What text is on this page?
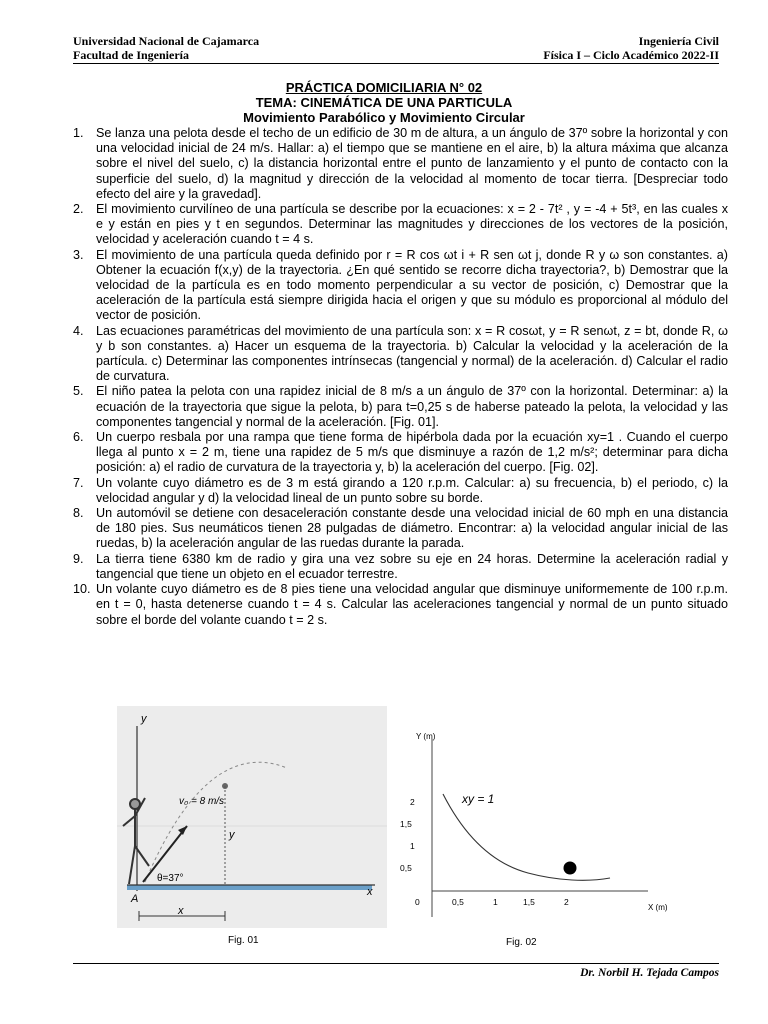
Universidad Nacional de Cajamarca
Facultad de Ingeniería
Ingeniería Civil
Física I – Ciclo Académico 2022-II
PRÁCTICA DOMICILIARIA N° 02
TEMA: CINEMÁTICA DE UNA PARTICULA
Movimiento Parabólico y Movimiento Circular
1. Se lanza una pelota desde el techo de un edificio de 30 m de altura, a un ángulo de 37º sobre la horizontal y con una velocidad inicial de 24 m/s. Hallar: a) el tiempo que se mantiene en el aire, b) la altura máxima que alcanza sobre el nivel del suelo, c) la distancia horizontal entre el punto de lanzamiento y el punto de contacto con la superficie del suelo, d) la magnitud y dirección de la velocidad al momento de tocar tierra. [Despreciar todo efecto del aire y la gravedad].
2. El movimiento curvilíneo de una partícula se describe por la ecuaciones: x = 2 - 7t² , y = -4 + 5t³, en las cuales x e y están en pies y t en segundos. Determinar las magnitudes y direcciones de los vectores de la posición, velocidad y aceleración cuando t = 4 s.
3. El movimiento de una partícula queda definido por r = R cos ωt i + R sen ωt j, donde R y ω son constantes. a) Obtener la ecuación f(x,y) de la trayectoria. ¿En qué sentido se recorre dicha trayectoria?, b) Demostrar que la velocidad de la partícula es en todo momento perpendicular a su vector de posición, c) Demostrar que la aceleración de la partícula está siempre dirigida hacia el origen y que su módulo es proporcional al módulo del vector de posición.
4. Las ecuaciones paramétricas del movimiento de una partícula son: x = R cosωt, y = R senωt, z = bt, donde R, ω y b son constantes. a) Hacer un esquema de la trayectoria. b) Calcular la velocidad y la aceleración de la partícula. c) Determinar las componentes intrínsecas (tangencial y normal) de la aceleración. d) Calcular el radio de curvatura.
5. El niño patea la pelota con una rapidez inicial de 8 m/s a un ángulo de 37º con la horizontal. Determinar: a) la ecuación de la trayectoria que sigue la pelota, b) para t=0,25 s de haberse pateado la pelota, la velocidad y las componentes tangencial y normal de la aceleración. [Fig. 01].
6. Un cuerpo resbala por una rampa que tiene forma de hipérbola dada por la ecuación xy=1 . Cuando el cuerpo llega al punto x = 2 m, tiene una rapidez de 5 m/s que disminuye a razón de 1,2 m/s²; determinar para dicha posición: a) el radio de curvatura de la trayectoria y, b) la aceleración del cuerpo. [Fig. 02].
7. Un volante cuyo diámetro es de 3 m está girando a 120 r.p.m. Calcular: a) su frecuencia, b) el periodo, c) la velocidad angular y d) la velocidad lineal de un punto sobre su borde.
8. Un automóvil se detiene con desaceleración constante desde una velocidad inicial de 60 mph en una distancia de 180 pies. Sus neumáticos tienen 28 pulgadas de diámetro. Encontrar: a) la velocidad angular inicial de las ruedas, b) la aceleración angular de las ruedas durante la parada.
9. La tierra tiene 6380 km de radio y gira una vez sobre su eje en 24 horas. Determine la aceleración radial y tangencial que tiene un objeto en el ecuador terrestre.
10. Un volante cuyo diámetro es de 8 pies tiene una velocidad angular que disminuye uniformemente de 100 r.p.m. en t = 0, hasta detenerse cuando t = 4 s. Calcular las aceleraciones tangencial y normal de un punto situado sobre el borde del volante cuando t = 2 s.
y
x
A
v₀ = 8 m/s
θ=37°
y
x
Fig. 01
Y (m)
X (m)
2
1,5
1
0,5
0	0,5	1	1,5	2
xy = 1
Fig. 02
Dr. Norbil H. Tejada Campos
